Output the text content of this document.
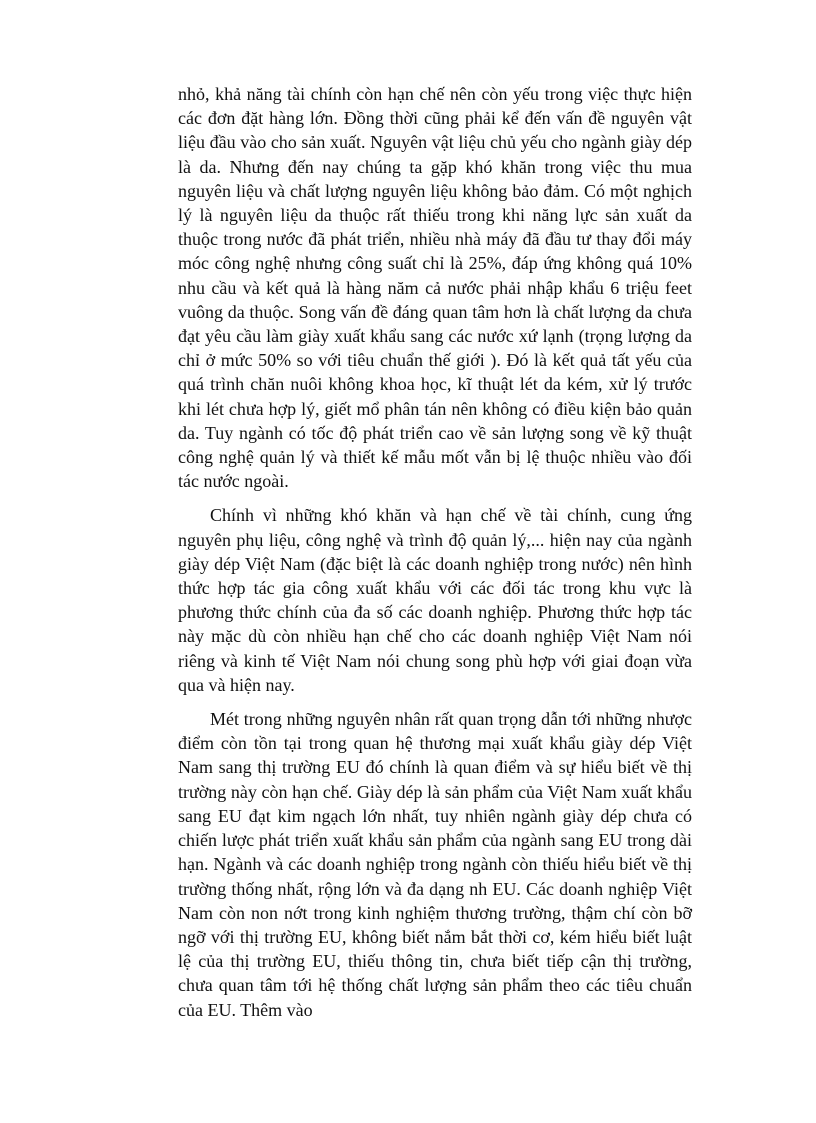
nhỏ, khả năng tài chính còn hạn chế nên còn yếu trong việc thực hiện các đơn đặt hàng lớn. Đồng thời cũng phải kể đến vấn đề nguyên vật liệu đầu vào cho sản xuất. Nguyên vật liệu chủ yếu cho ngành giày dép là da. Nhưng đến nay chúng ta gặp khó khăn trong việc thu mua nguyên liệu và chất lượng nguyên liệu không bảo đảm. Có một nghịch lý là nguyên liệu da thuộc rất thiếu trong khi năng lực sản xuất da thuộc trong nước đã phát triển, nhiều nhà máy đã đầu tư thay đổi máy móc công nghệ nhưng công suất chỉ là 25%, đáp ứng không quá 10% nhu cầu và kết quả là hàng năm cả nước phải nhập khẩu 6 triệu feet vuông da thuộc. Song vấn đề đáng quan tâm hơn là chất lượng da chưa đạt yêu cầu làm giày xuất khẩu sang các nước xứ lạnh (trọng lượng da chỉ ở mức 50% so với tiêu chuẩn thế giới ). Đó là kết quả tất yếu của quá trình chăn nuôi không khoa học, kĩ thuật lét da kém, xử lý trước khi lét chưa hợp lý, giết mổ phân tán nên không có điều kiện bảo quản da. Tuy ngành có tốc độ phát triển cao về sản lượng song về kỹ thuật công nghệ quản lý và thiết kế mẫu mốt vẫn bị lệ thuộc nhiều vào đối tác nước ngoài.

Chính vì những khó khăn và hạn chế về tài chính, cung ứng nguyên phụ liệu, công nghệ và trình độ quản lý,... hiện nay của ngành giày dép Việt Nam (đặc biệt là các doanh nghiệp trong nước) nên hình thức hợp tác gia công xuất khẩu với các đối tác trong khu vực là phương thức chính của đa số các doanh nghiệp. Phương thức hợp tác này mặc dù còn nhiều hạn chế cho các doanh nghiệp Việt Nam nói riêng và kinh tế Việt Nam nói chung song phù hợp với giai đoạn vừa qua và hiện nay.

Mét trong những nguyên nhân rất quan trọng dẫn tới những nhược điểm còn tồn tại trong quan hệ thương mại xuất khẩu giày dép Việt Nam sang thị trường EU đó chính là quan điểm và sự hiểu biết về thị trường này còn hạn chế. Giày dép là sản phẩm của Việt Nam xuất khẩu sang EU đạt kim ngạch lớn nhất, tuy nhiên ngành giày dép chưa có chiến lược phát triển xuất khẩu sản phẩm của ngành sang EU trong dài hạn. Ngành và các doanh nghiệp trong ngành còn thiếu hiểu biết về thị trường thống nhất, rộng lớn và đa dạng nh EU. Các doanh nghiệp Việt Nam còn non nớt trong kinh nghiệm thương trường, thậm chí còn bỡ ngỡ với thị trường EU, không biết nắm bắt thời cơ, kém hiểu biết luật lệ của thị trường EU, thiếu thông tin, chưa biết tiếp cận thị trường, chưa quan tâm tới hệ thống chất lượng sản phẩm theo các tiêu chuẩn của EU. Thêm vào
